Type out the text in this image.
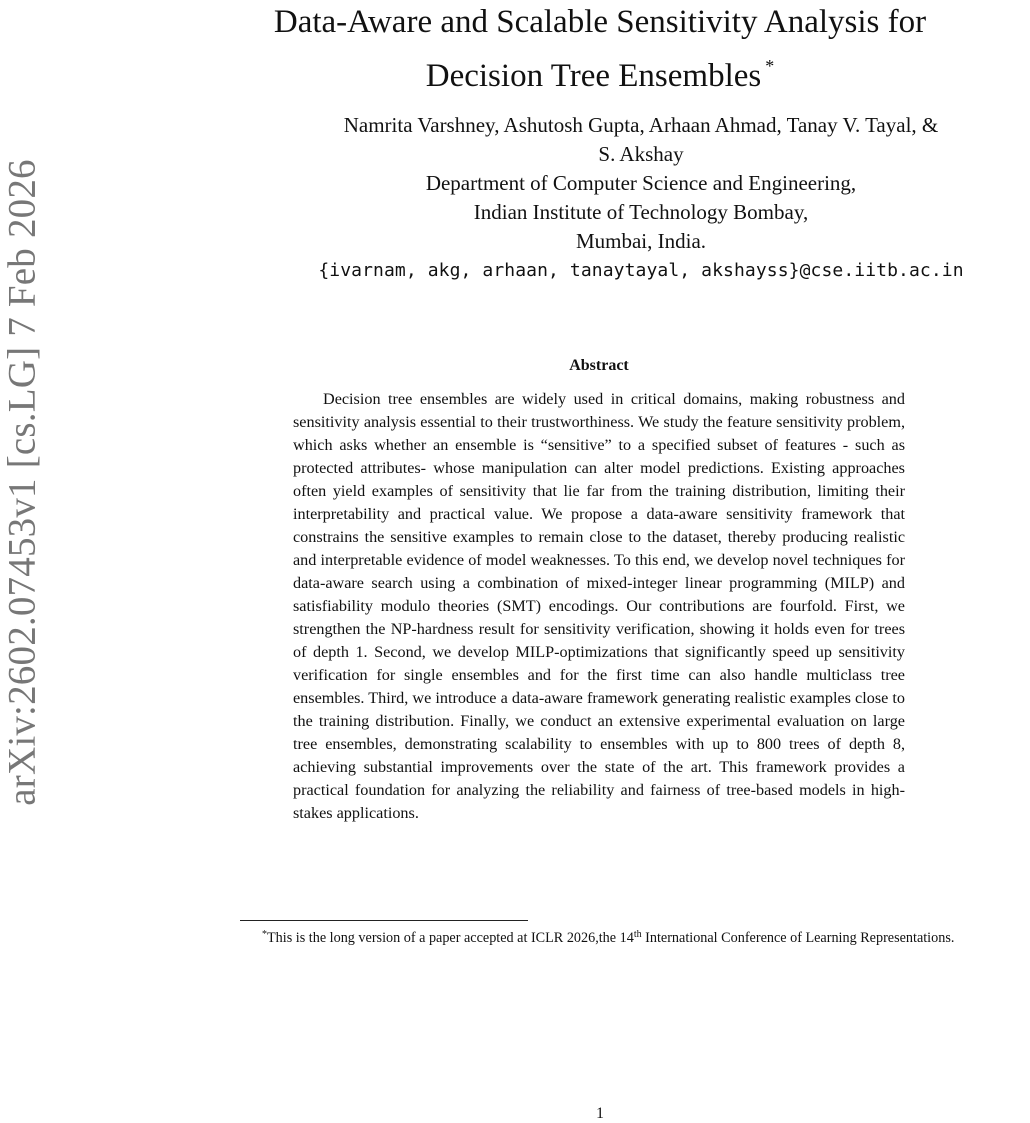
arXiv:2602.07453v1 [cs.LG] 7 Feb 2026

Data-Aware and Scalable Sensitivity Analysis for

Decision Tree Ensembles *

Namrita Varshney, Ashutosh Gupta, Arhaan Ahmad, Tanay V. Tayal, &

S. Akshay

Department of Computer Science and Engineering,

Indian Institute of Technology Bombay,

Mumbai, India.

{ivarnam, akg, arhaan, tanaytayal, akshayss}@cse.iitb.ac.in

Abstract

Decision tree ensembles are widely used in critical domains, making robustness and sensitivity analysis essential to their trustworthiness. We study the feature sensitivity problem, which asks whether an ensemble is “sensitive” to a specified subset of features - such as protected attributes- whose manipulation can alter model predictions. Existing approaches often yield examples of sensitivity that lie far from the training distribution, limiting their interpretability and practical value. We propose a data-aware sensitivity framework that constrains the sensitive examples to remain close to the dataset, thereby producing realistic and interpretable evidence of model weaknesses. To this end, we develop novel techniques for data-aware search using a combination of mixed-integer linear programming (MILP) and satisfiability modulo theories (SMT) encodings. Our contributions are fourfold. First, we strengthen the NP-hardness result for sensitivity verification, showing it holds even for trees of depth 1. Second, we develop MILP-optimizations that significantly speed up sensitivity verification for single ensembles and for the first time can also handle multiclass tree ensembles. Third, we introduce a data-aware framework generating realistic examples close to the training distribution. Finally, we conduct an extensive experimental evaluation on large tree ensembles, demonstrating scalability to ensembles with up to 800 trees of depth 8, achieving substantial improvements over the state of the art. This framework provides a practical foundation for analyzing the reliability and fairness of tree-based models in high-stakes applications.

*This is the long version of a paper accepted at ICLR 2026,the 14th International Conference of Learning Representations.

1
